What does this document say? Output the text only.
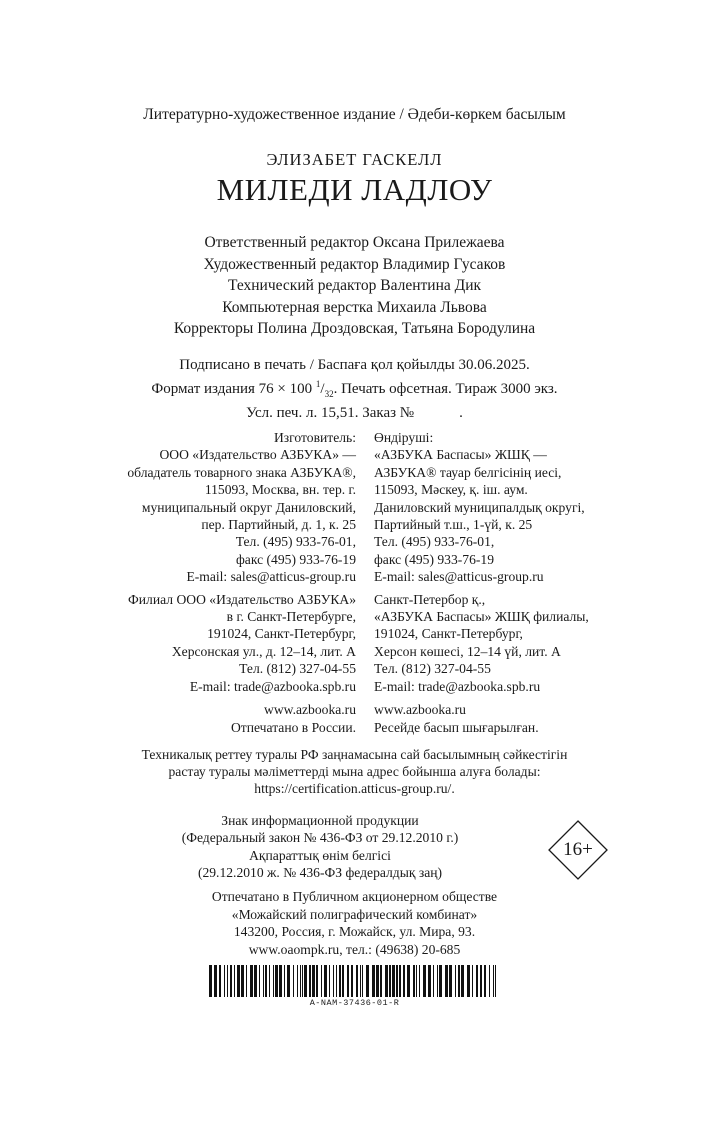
Литературно-художественное издание / Әдеби-көркем басылым
ЭЛИЗАБЕТ ГАСКЕЛЛ
МИЛЕДИ ЛАДЛОУ
Ответственный редактор Оксана Прилежаева
Художественный редактор Владимир Гусаков
Технический редактор Валентина Дик
Компьютерная верстка Михаила Львова
Корректоры Полина Дроздовская, Татьяна Бородулина
Подписано в печать / Баспаға қол қойылды 30.06.2025.
Формат издания 76 × 100 $^1/_{32}$. Печать офсетная. Тираж 3000 экз.
Усл. печ. л. 15,51. Заказ №            .
Изготовитель:
ООО «Издательство АЗБУКА» —
обладатель товарного знака АЗБУКА®,
115093, Москва, вн. тер. г.
муниципальный округ Даниловский,
пер. Партийный, д. 1, к. 25
Тел. (495) 933-76-01,
факс (495) 933-76-19
E-mail: sales@atticus-group.ru
Өндіруші:
«АЗБУКА Баспасы» ЖШҚ —
АЗБУКА® тауар белгісінің иесі,
115093, Мәскеу, қ. іш. аум.
Даниловский муниципалдық округі,
Партийный т.ш., 1-үй, к. 25
Тел. (495) 933-76-01,
факс (495) 933-76-19
E-mail: sales@atticus-group.ru
Филиал ООО «Издательство АЗБУКА»
в г. Санкт-Петербурге,
191024, Санкт-Петербург,
Херсонская ул., д. 12–14, лит. А
Тел. (812) 327-04-55
E-mail: trade@azbooka.spb.ru
Санкт-Петербор қ.,
«АЗБУКА Баспасы» ЖШҚ филиалы,
191024, Санкт-Петербург,
Херсон көшесі, 12–14 үй, лит. А
Тел. (812) 327-04-55
E-mail: trade@azbooka.spb.ru
www.azbooka.ru
Отпечатано в России.
www.azbooka.ru
Ресейде басып шығарылған.
Техникалық реттеу туралы РФ заңнамасына сай басылымның сәйкестігін
растау туралы мәліметтерді мына адрес бойынша алуға болады:
https://certification.atticus-group.ru/.
Знак информационной продукции
(Федеральный закон № 436-ФЗ от 29.12.2010 г.)
Ақпараттық өнім белгісі
(29.12.2010 ж. № 436-ФЗ федералдық заң)
16+
Отпечатано в Публичном акционерном обществе
«Можайский полиграфический комбинат»
143200, Россия, г. Можайск, ул. Мира, 93.
www.oaompk.ru, тел.: (49638) 20-685
A-NAM-37436-01-R
